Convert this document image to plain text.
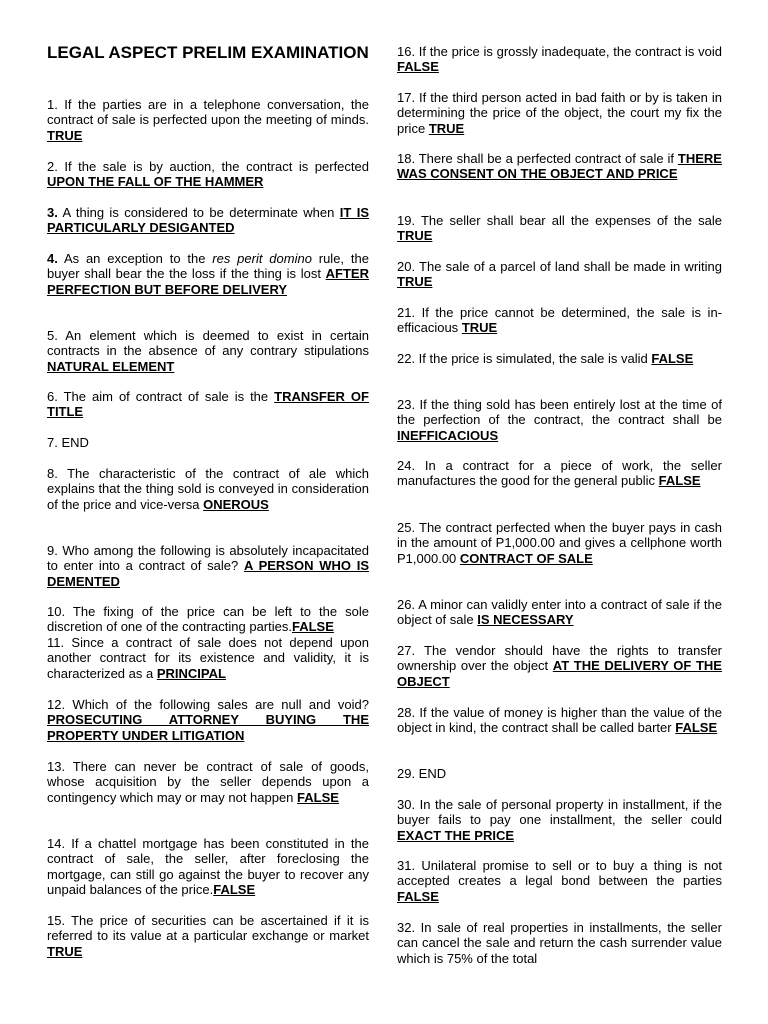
LEGAL ASPECT PRELIM EXAMINATION
1. If the parties are in a telephone conversation, the contract of sale is perfected upon the meeting of minds. TRUE
2. If the sale is by auction, the contract is perfected UPON THE FALL OF THE HAMMER
3. A thing is considered to be determinate when IT IS PARTICULARLY DESIGANTED
4. As an exception to the res perit domino rule, the buyer shall bear the the loss if the thing is lost AFTER PERFECTION BUT BEFORE DELIVERY
5. An element which is deemed to exist in certain contracts in the absence of any contrary stipulations NATURAL ELEMENT
6. The aim of contract of sale is the TRANSFER OF TITLE
7. END
8. The characteristic of the contract of ale which explains that the thing sold is conveyed in consideration of the price and vice-versa ONEROUS
9. Who among the following is absolutely incapacitated to enter into a contract of sale? A PERSON WHO IS DEMENTED
10. The fixing of the price can be left to the sole discretion of one of the contracting parties.FALSE
11. Since a contract of sale does not depend upon another contract for its existence and validity, it is characterized as a PRINCIPAL
12. Which of the following sales are null and void? PROSECUTING ATTORNEY BUYING THE PROPERTY UNDER LITIGATION
13. There can never be contract of sale of goods, whose acquisition by the seller depends upon a contingency which may or may not happen FALSE
14. If a chattel mortgage has been constituted in the contract of sale, the seller, after foreclosing the mortgage, can still go against the buyer to recover any unpaid balances of the price.FALSE
15. The price of securities can be ascertained if it is referred to its value at a particular exchange or market TRUE
16. If the price is grossly inadequate, the contract is void FALSE
17. If the third person acted in bad faith or by is taken in determining the price of the object, the court my fix the price TRUE
18. There shall be a perfected contract of sale if THERE WAS CONSENT ON THE OBJECT AND PRICE
19. The seller shall bear all the expenses of the sale TRUE
20. The sale of a parcel of land shall be made in writing TRUE
21. If the price cannot be determined, the sale is in-efficacious TRUE
22. If the price is simulated, the sale is valid FALSE
23. If the thing sold has been entirely lost at the time of the perfection of the contract, the contract shall be INEFFICACIOUS
24. In a contract for a piece of work, the seller manufactures the good for the general public FALSE
25. The contract perfected when the buyer pays in cash in the amount of P1,000.00 and gives a cellphone worth P1,000.00 CONTRACT OF SALE
26. A minor can validly enter into a contract of sale if the object of sale IS NECESSARY
27. The vendor should have the rights to transfer ownership over the object AT THE DELIVERY OF THE OBJECT
28. If the value of money is higher than the value of the object in kind, the contract shall be called barter FALSE
29. END
30. In the sale of personal property in installment, if the buyer fails to pay one installment, the seller could EXACT THE PRICE
31. Unilateral promise to sell or to buy a thing is not accepted creates a legal bond between the parties FALSE
32. In sale of real properties in installments, the seller can cancel the sale and return the cash surrender value which is 75% of the total
